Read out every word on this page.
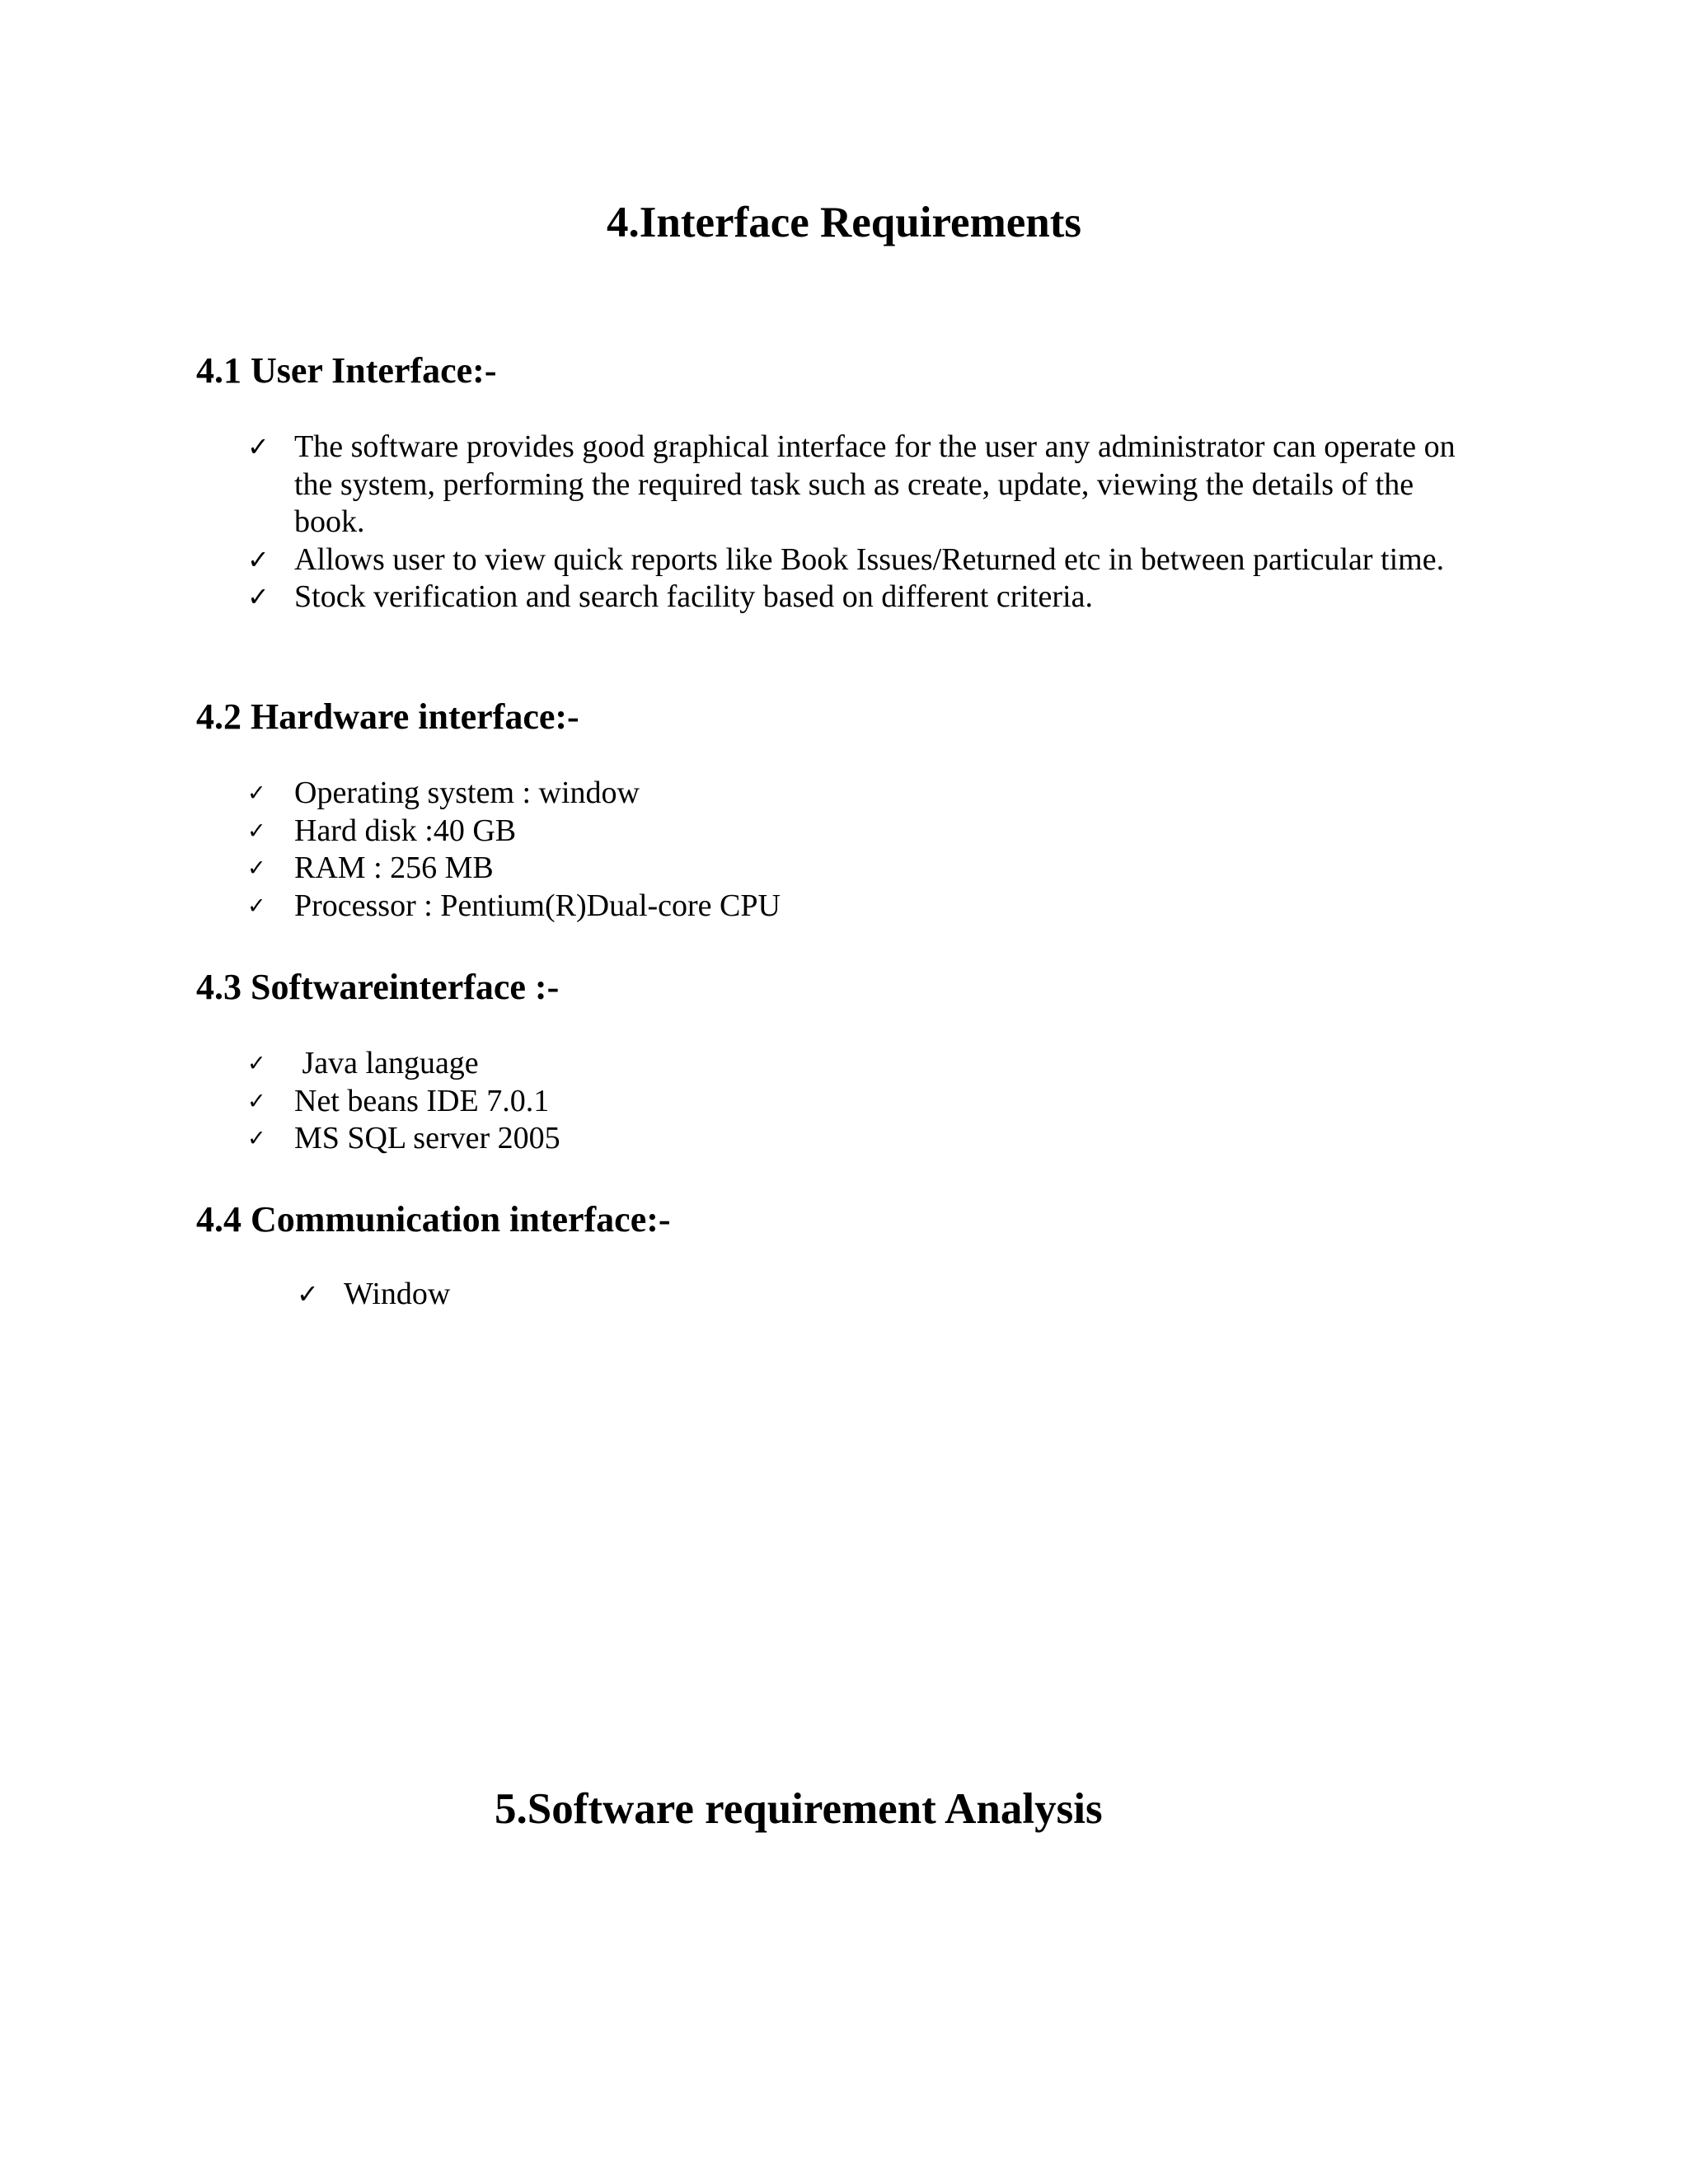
4.Interface Requirements
4.1 User Interface:-
✓ The software provides good graphical interface for the user any administrator can operate on the system, performing the required task such as create, update, viewing the details of the book.
✓ Allows user to view quick reports like Book Issues/Returned etc in between particular time.
✓ Stock verification and search facility based on different criteria.
4.2 Hardware interface:-
✓ Operating system : window
✓ Hard disk :40 GB
✓ RAM : 256 MB
✓ Processor : Pentium(R)Dual-core CPU
4.3 Softwareinterface :-
✓ Java language
✓ Net beans IDE 7.0.1
✓ MS SQL server 2005
4.4 Communication interface:-
✓ Window
5.Software requirement Analysis
